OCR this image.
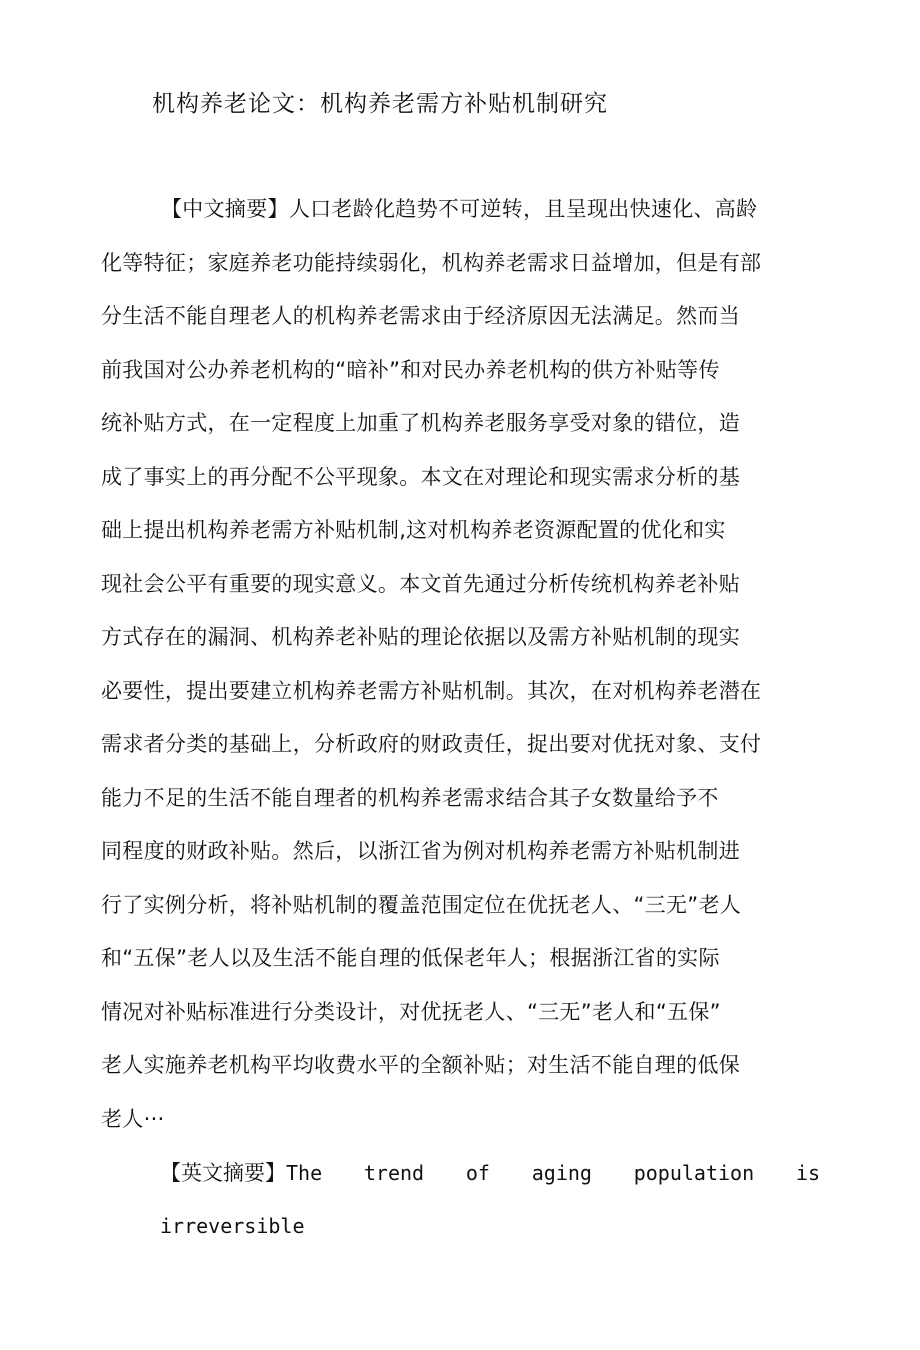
机构养老论文：机构养老需方补贴机制研究
【中文摘要】人口老龄化趋势不可逆转，且呈现出快速化、高龄
化等特征；家庭养老功能持续弱化，机构养老需求日益增加，但是有部
分生活不能自理老人的机构养老需求由于经济原因无法满足。然而当
前我国对公办养老机构的“暗补”和对民办养老机构的供方补贴等传
统补贴方式，在一定程度上加重了机构养老服务享受对象的错位，造
成了事实上的再分配不公平现象。本文在对理论和现实需求分析的基
础上提出机构养老需方补贴机制,这对机构养老资源配置的优化和实
现社会公平有重要的现实意义。本文首先通过分析传统机构养老补贴
方式存在的漏洞、机构养老补贴的理论依据以及需方补贴机制的现实
必要性，提出要建立机构养老需方补贴机制。其次，在对机构养老潜在
需求者分类的基础上，分析政府的财政责任，捉出要对优抚对象、支付
能力不足的生活不能自理者的机构养老需求结合其子女数量给予不
同程度的财政补贴。然后，以浙江省为例对机构养老需方补贴机制进
行了实例分析，将补贴机制的覆盖范围定位在优抚老人、“三无”老人
和“五保”老人以及生活不能自理的低保老年人；根据浙江省的实际
情况对补贴标准进行分类设计，对优抚老人、“三无”老人和“五保”
老人实施养老机构平均收费水平的全额补贴；对生活不能自理的低保
老人···
【英文摘要】 The trend of aging population is
irreversible
